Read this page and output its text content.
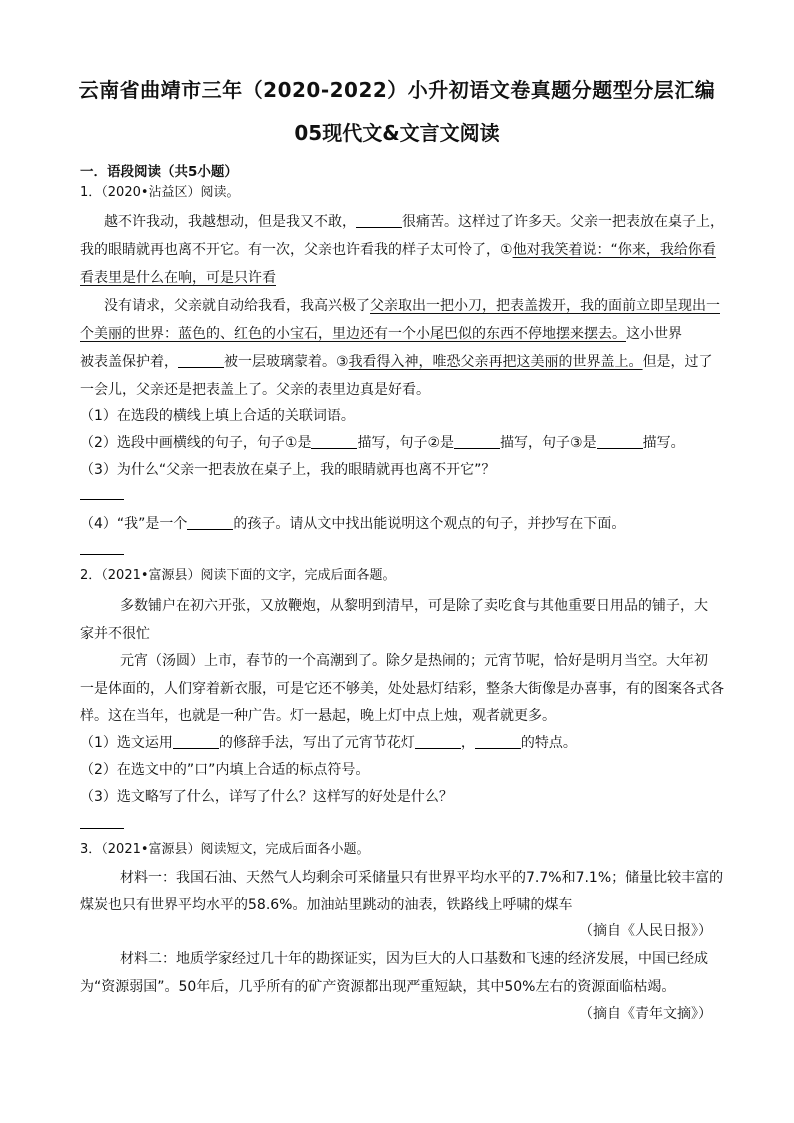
云南省曲靖市三年（2020-2022）小升初语文卷真题分题型分层汇编
05现代文&文言文阅读
一．语段阅读（共5小题）
1．（2020•沾益区）阅读。
越不许我动，我越想动，但是我又不敢，	很痛苦。这样过了许多天。父亲一把表放在桌子上，
我的眼睛就再也离不开它。有一次，父亲也许看我的样子太可怜了，①他对我笑着说：“你来，我给你看
看表里是什么在响，可是只许看
没有请求，父亲就自动给我看，我高兴极了父亲取出一把小刀，把表盖拨开，我的面前立即呈现出一
个美丽的世界：蓝色的、红色的小宝石，里边还有一个小尾巴似的东西不停地摆来摆去。这小世界
被表盖保护着，	被一层玻璃蒙着。③我看得入神，唯恐父亲再把这美丽的世界盖上。但是，过了
一会儿，父亲还是把表盖上了。父亲的表里边真是好看。
（1）在选段的横线上填上合适的关联词语。
（2）选段中画横线的句子，句子①是	描写，句子②是	描写，句子③是	描写。
（3）为什么“父亲一把表放在桌子上，我的眼睛就再也离不开它”？
（4）“我”是一个	的孩子。请从文中找出能说明这个观点的句子，并抄写在下面。
2．（2021•富源县）阅读下面的文字，完成后面各题。
多数铺户在初六开张，又放鞭炮，从黎明到清早，可是除了卖吃食与其他重要日用品的铺子，大
家并不很忙
元宵（汤圆）上市，春节的一个高潮到了。除夕是热闹的；元宵节呢，恰好是明月当空。大年初
一是体面的，人们穿着新衣服，可是它还不够美，处处悬灯结彩，整条大街像是办喜事，有的图案各式各
样。这在当年，也就是一种广告。灯一悬起，晚上灯中点上烛，观者就更多。
（1）选文运用	的修辞手法，写出了元宵节花灯	，	的特点。
（2）在选文中的”口”内填上合适的标点符号。
（3）选文略写了什么，详写了什么？这样写的好处是什么？
3．（2021•富源县）阅读短文，完成后面各小题。
材料一：我国石油、天然气人均剩余可采储量只有世界平均水平的7.7%和7.1%；储量比较丰富的
煤炭也只有世界平均水平的58.6%。加油站里跳动的油表，铁路线上呼啸的煤车
（摘自《人民日报》）
材料二：地质学家经过几十年的勘探证实，因为巨大的人口基数和飞速的经济发展，中国已经成
为“资源弱国”。50年后，几乎所有的矿产资源都出现严重短缺，其中50%左右的资源面临枯竭。
（摘自《青年文摘》）
